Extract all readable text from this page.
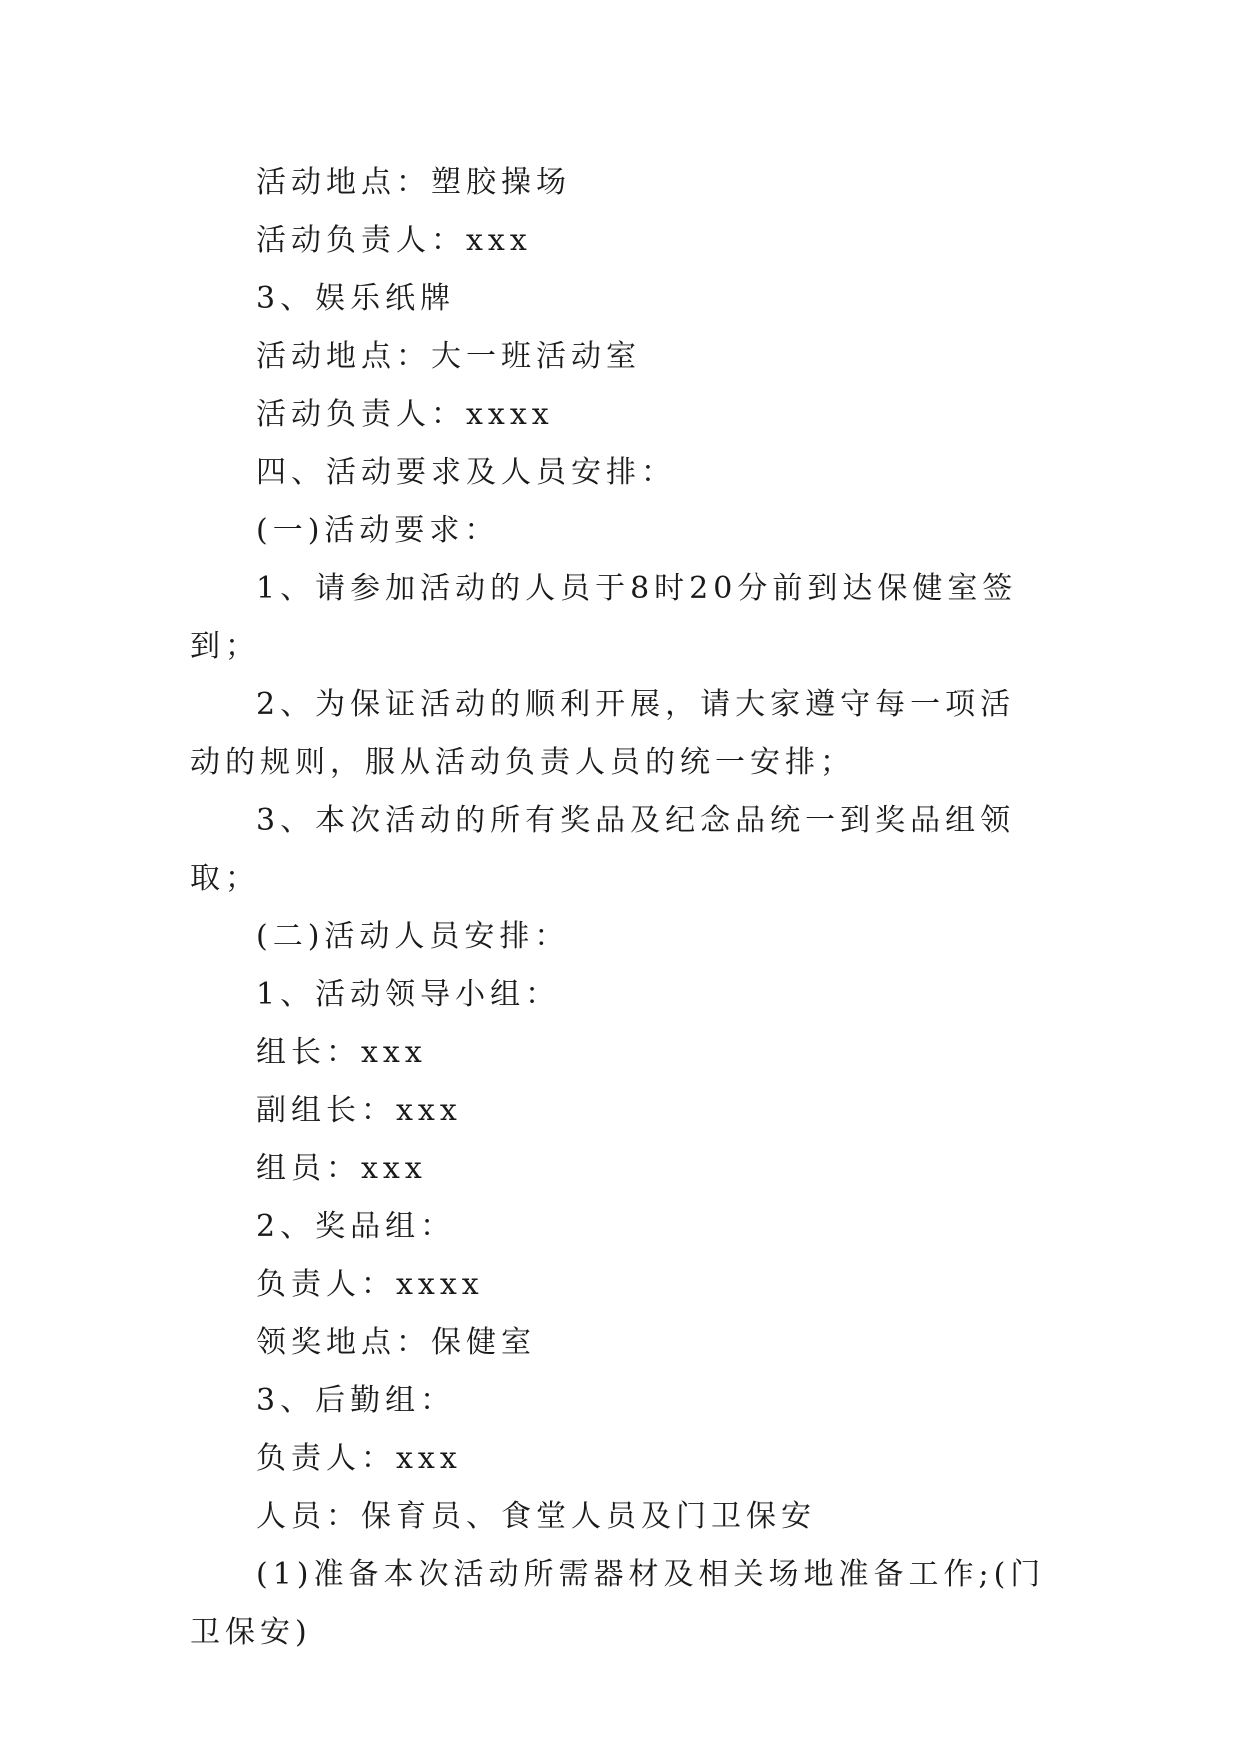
活动地点：塑胶操场

活动负责人：xxx

3、娱乐纸牌

活动地点：大一班活动室

活动负责人：xxxx

四、活动要求及人员安排：

(一)活动要求：

1、请参加活动的人员于8时20分前到达保健室签到；

2、为保证活动的顺利开展，请大家遵守每一项活动的规则，服从活动负责人员的统一安排；

3、本次活动的所有奖品及纪念品统一到奖品组领取；

(二)活动人员安排：

1、活动领导小组：

组长：xxx

副组长：xxx

组员：xxx

2、奖品组：

负责人：xxxx

领奖地点：保健室

3、后勤组：

负责人：xxx

人员：保育员、食堂人员及门卫保安

(1)准备本次活动所需器材及相关场地准备工作;(门卫保安)
